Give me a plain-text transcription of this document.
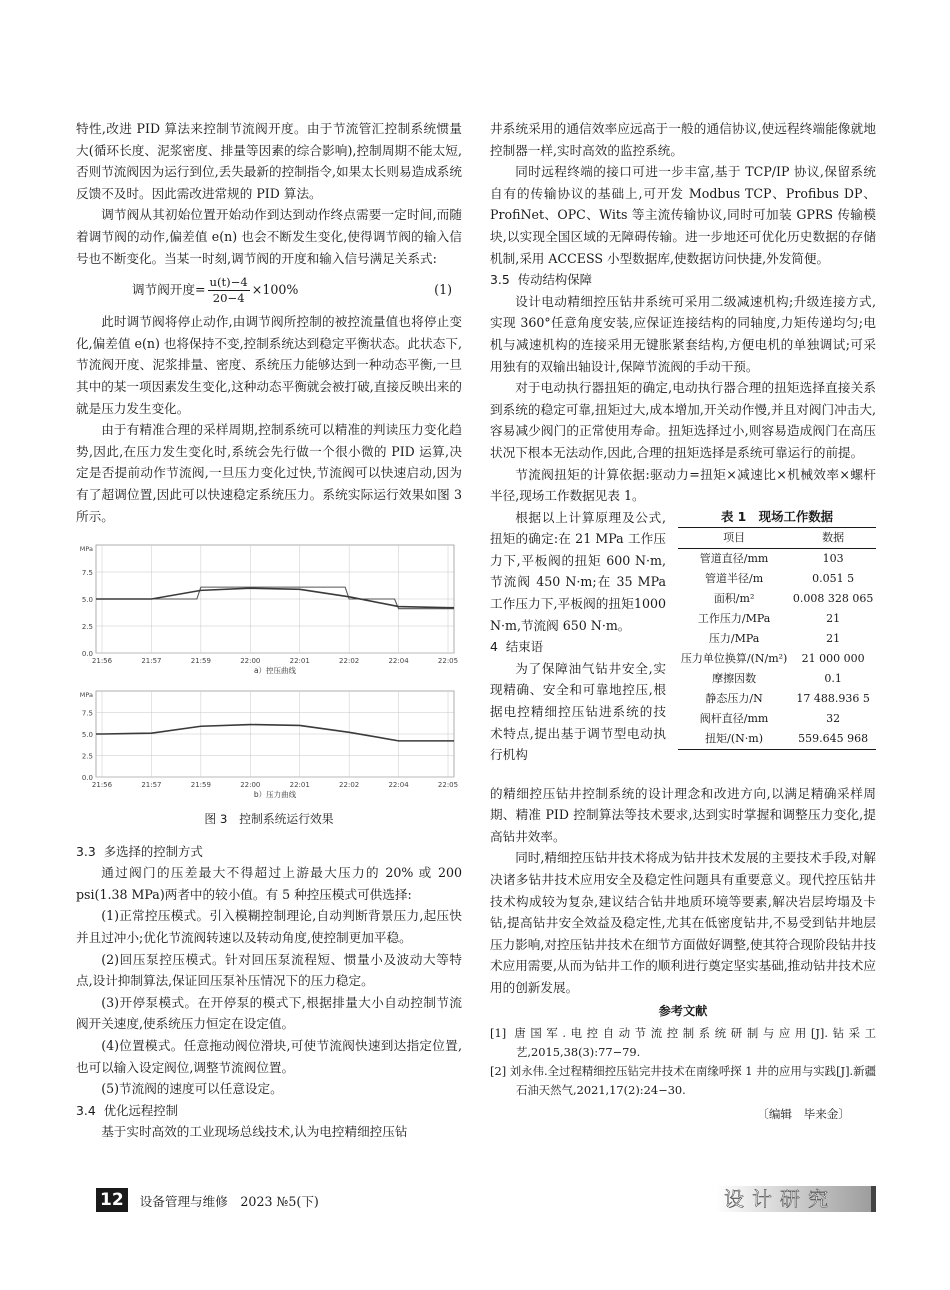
特性,改进 PID 算法来控制节流阀开度。由于节流管汇控制系统惯量大(循环长度、泥浆密度、排量等因素的综合影响),控制周期不能太短,否则节流阀因为运行到位,丢失最新的控制指令,如果太长则易造成系统反馈不及时。因此需改进常规的 PID 算法。

调节阀从其初始位置开始动作到达到动作终点需要一定时间,而随着调节阀的动作,偏差值 e(n) 也会不断发生变化,使得调节阀的输入信号也不断变化。当某一时刻,调节阀的开度和输入信号满足关系式:

调节阀开度= $\frac{u(t)-4}{20-4} \times 100\%$	(1)

此时调节阀将停止动作,由调节阀所控制的被控流量值也将停止变化,偏差值 e(n) 也将保持不变,控制系统达到稳定平衡状态。此状态下,节流阀开度、泥浆排量、密度、系统压力能够达到一种动态平衡,一旦其中的某一项因素发生变化,这种动态平衡就会被打破,直接反映出来的就是压力发生变化。

由于有精准合理的采样周期,控制系统可以精准的判读压力变化趋势,因此,在压力发生变化时,系统会先行做一个很小微的 PID 运算,决定是否提前动作节流阀,一旦压力变化过快,节流阀可以快速启动,因为有了超调位置,因此可以快速稳定系统压力。系统实际运行效果如图 3 所示。

0.0
2.5
5.0
7.5
MPa
21:56	21:57	21:59	22:00	22:01	22:02	22:04	22:05
a）控压曲线
0.0
2.5
5.0
7.5
MPa
21:56	21:57	21:59	22:00	22:01	22:02	22:04	22:05
b）压力曲线
图 3　控制系统运行效果
3.3 多选择的控制方式

通过阀门的压差最大不得超过上游最大压力的 20% 或 200 psi(1.38 MPa)两者中的较小值。有 5 种控压模式可供选择:

(1)正常控压模式。引入模糊控制理论,自动判断背景压力,起压快并且过冲小;优化节流阀转速以及转动角度,使控制更加平稳。

(2)回压泵控压模式。针对回压泵流程短、惯量小及波动大等特点,设计抑制算法,保证回压泵补压情况下的压力稳定。

(3)开停泵模式。在开停泵的模式下,根据排量大小自动控制节流阀开关速度,使系统压力恒定在设定值。

(4)位置模式。任意拖动阀位滑块,可使节流阀快速到达指定位置,也可以输入设定阀位,调整节流阀位置。

(5)节流阀的速度可以任意设定。

3.4 优化远程控制

基于实时高效的工业现场总线技术,认为电控精细控压钻

井系统采用的通信效率应远高于一般的通信协议,使远程终端能像就地控制器一样,实时高效的监控系统。

同时远程终端的接口可进一步丰富,基于 TCP/IP 协议,保留系统自有的传输协议的基础上,可开发 Modbus TCP、Profibus DP、ProfiNet、OPC、Wits 等主流传输协议,同时可加装 GPRS 传输模块,以实现全国区域的无障碍传输。进一步地还可优化历史数据的存储机制,采用 ACCESS 小型数据库,使数据访问快捷,外发简便。

3.5 传动结构保障

设计电动精细控压钻井系统可采用二级减速机构;升级连接方式,实现 360°任意角度安装,应保证连接结构的同轴度,力矩传递均匀;电机与减速机构的连接采用无键胀紧套结构,方便电机的单独调试;可采用独有的双输出轴设计,保障节流阀的手动干预。

对于电动执行器扭矩的确定,电动执行器合理的扭矩选择直接关系到系统的稳定可靠,扭矩过大,成本增加,开关动作慢,并且对阀门冲击大,容易减少阀门的正常使用寿命。扭矩选择过小,则容易造成阀门在高压状况下根本无法动作,因此,合理的扭矩选择是系统可靠运行的前提。

节流阀扭矩的计算依据:驱动力=扭矩×减速比×机械效率×螺杆半径,现场工作数据见表 1。

根据以上计算原理及公式,扭矩的确定:在 21 MPa 工作压力下,平板阀的扭矩 600 N·m,节流阀 450 N·m;在 35 MPa 工作压力下,平板阀的扭矩1000 N·m,节流阀 650 N·m。

4 结束语

为了保障油气钻井安全,实现精确、安全和可靠地控压,根据电控精细控压钻进系统的技术特点,提出基于调节型电动执行机构

表 1　现场工作数据
项目	数据
管道直径/mm	103
管道半径/m	0.051 5
面积/m²	0.008 328 065
工作压力/MPa	21
压力/MPa	21
压力单位换算/(N/m²)	21 000 000
摩擦因数	0.1
静态压力/N	17 488.936 5
阀杆直径/mm	32
扭矩/(N·m)	559.645 968

的精细控压钻井控制系统的设计理念和改进方向,以满足精确采样周期、精准 PID 控制算法等技术要求,达到实时掌握和调整压力变化,提高钻井效率。

同时,精细控压钻井技术将成为钻井技术发展的主要技术手段,对解决诸多钻井技术应用安全及稳定性问题具有重要意义。现代控压钻井技术构成较为复杂,建议结合钻井地质环境等要素,解决岩层垮塌及卡钻,提高钻井安全效益及稳定性,尤其在低密度钻井,不易受到钻井地层压力影响,对控压钻井技术在细节方面做好调整,使其符合现阶段钻井技术应用需要,从而为钻井工作的顺利进行奠定坚实基础,推动钻井技术应用的创新发展。

参考文献
[1] 唐国军.电控自动节流控制系统研制与应用[J].钻采工艺,2015,38(3):77−79.
[2] 刘永伟.全过程精细控压钻完井技术在南缘呼探 1 井的应用与实践[J].新疆石油天然气,2021,17(2):24−30.
〔编辑　毕来金〕
12	设备管理与维修　2023 №5(下)	设计研究
